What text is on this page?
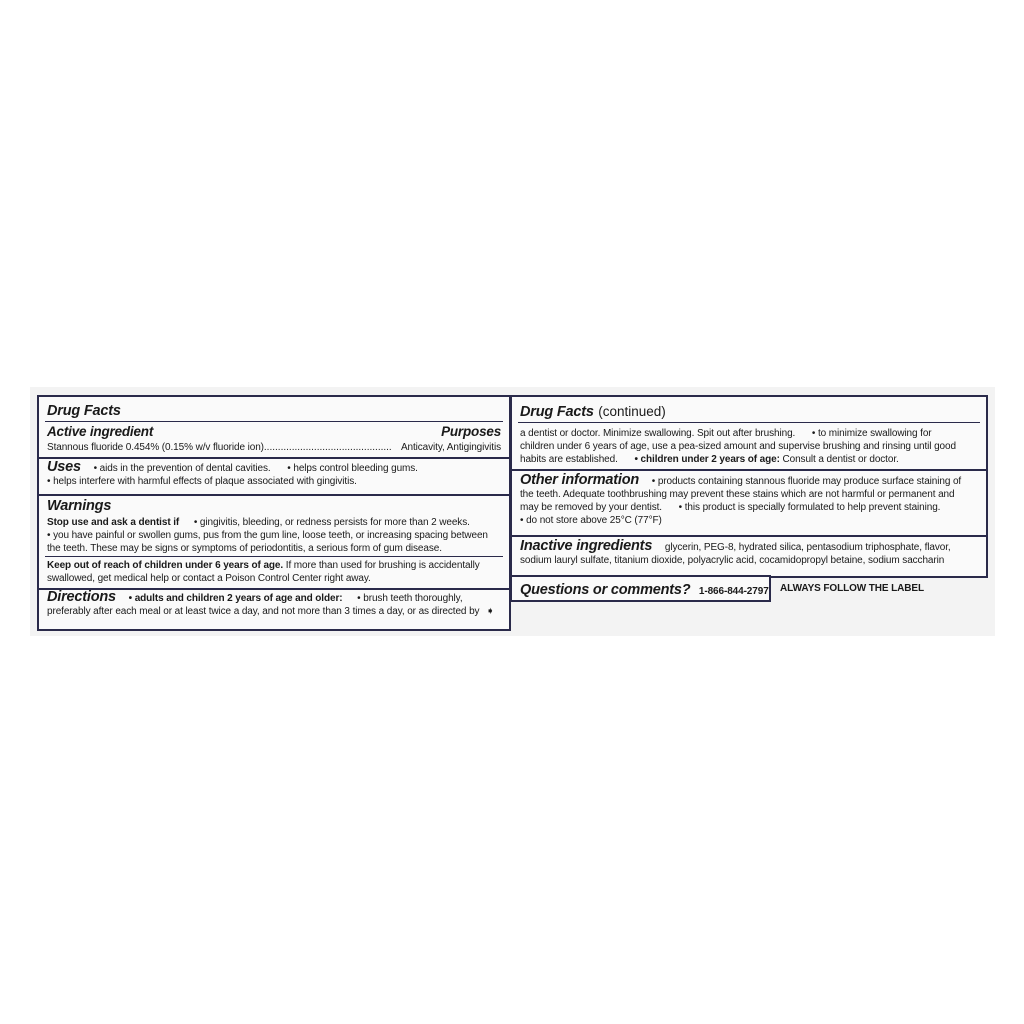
Drug Facts
Active ingredient	Purposes
Stannous fluoride 0.454% (0.15% w/v fluoride ion) .............................................. Anticavity, Antigingivitis
Uses • aids in the prevention of dental cavities. • helps control bleeding gums.
• helps interfere with harmful effects of plaque associated with gingivitis.
Warnings
Stop use and ask a dentist if • gingivitis, bleeding, or redness persists for more than 2 weeks.
• you have painful or swollen gums, pus from the gum line, loose teeth, or increasing spacing between
the teeth. These may be signs or symptoms of periodontitis, a serious form of gum disease.
Keep out of reach of children under 6 years of age. If more than used for brushing is accidentally
swallowed, get medical help or contact a Poison Control Center right away.
Directions • adults and children 2 years of age and older: • brush teeth thoroughly,
preferably after each meal or at least twice a day, and not more than 3 times a day, or as directed by ➧
Drug Facts (continued)
a dentist or doctor. Minimize swallowing. Spit out after brushing. • to minimize swallowing for
children under 6 years of age, use a pea-sized amount and supervise brushing and rinsing until good
habits are established. • children under 2 years of age: Consult a dentist or doctor.
Other information • products containing stannous fluoride may produce surface staining of
the teeth. Adequate toothbrushing may prevent these stains which are not harmful or permanent and
may be removed by your dentist. • this product is specially formulated to help prevent staining.
• do not store above 25°C (77°F)
Inactive ingredients glycerin, PEG-8, hydrated silica, pentasodium triphosphate, flavor,
sodium lauryl sulfate, titanium dioxide, polyacrylic acid, cocamidopropyl betaine, sodium saccharin
Questions or comments? 1-866-844-2797 ALWAYS FOLLOW THE LABEL
